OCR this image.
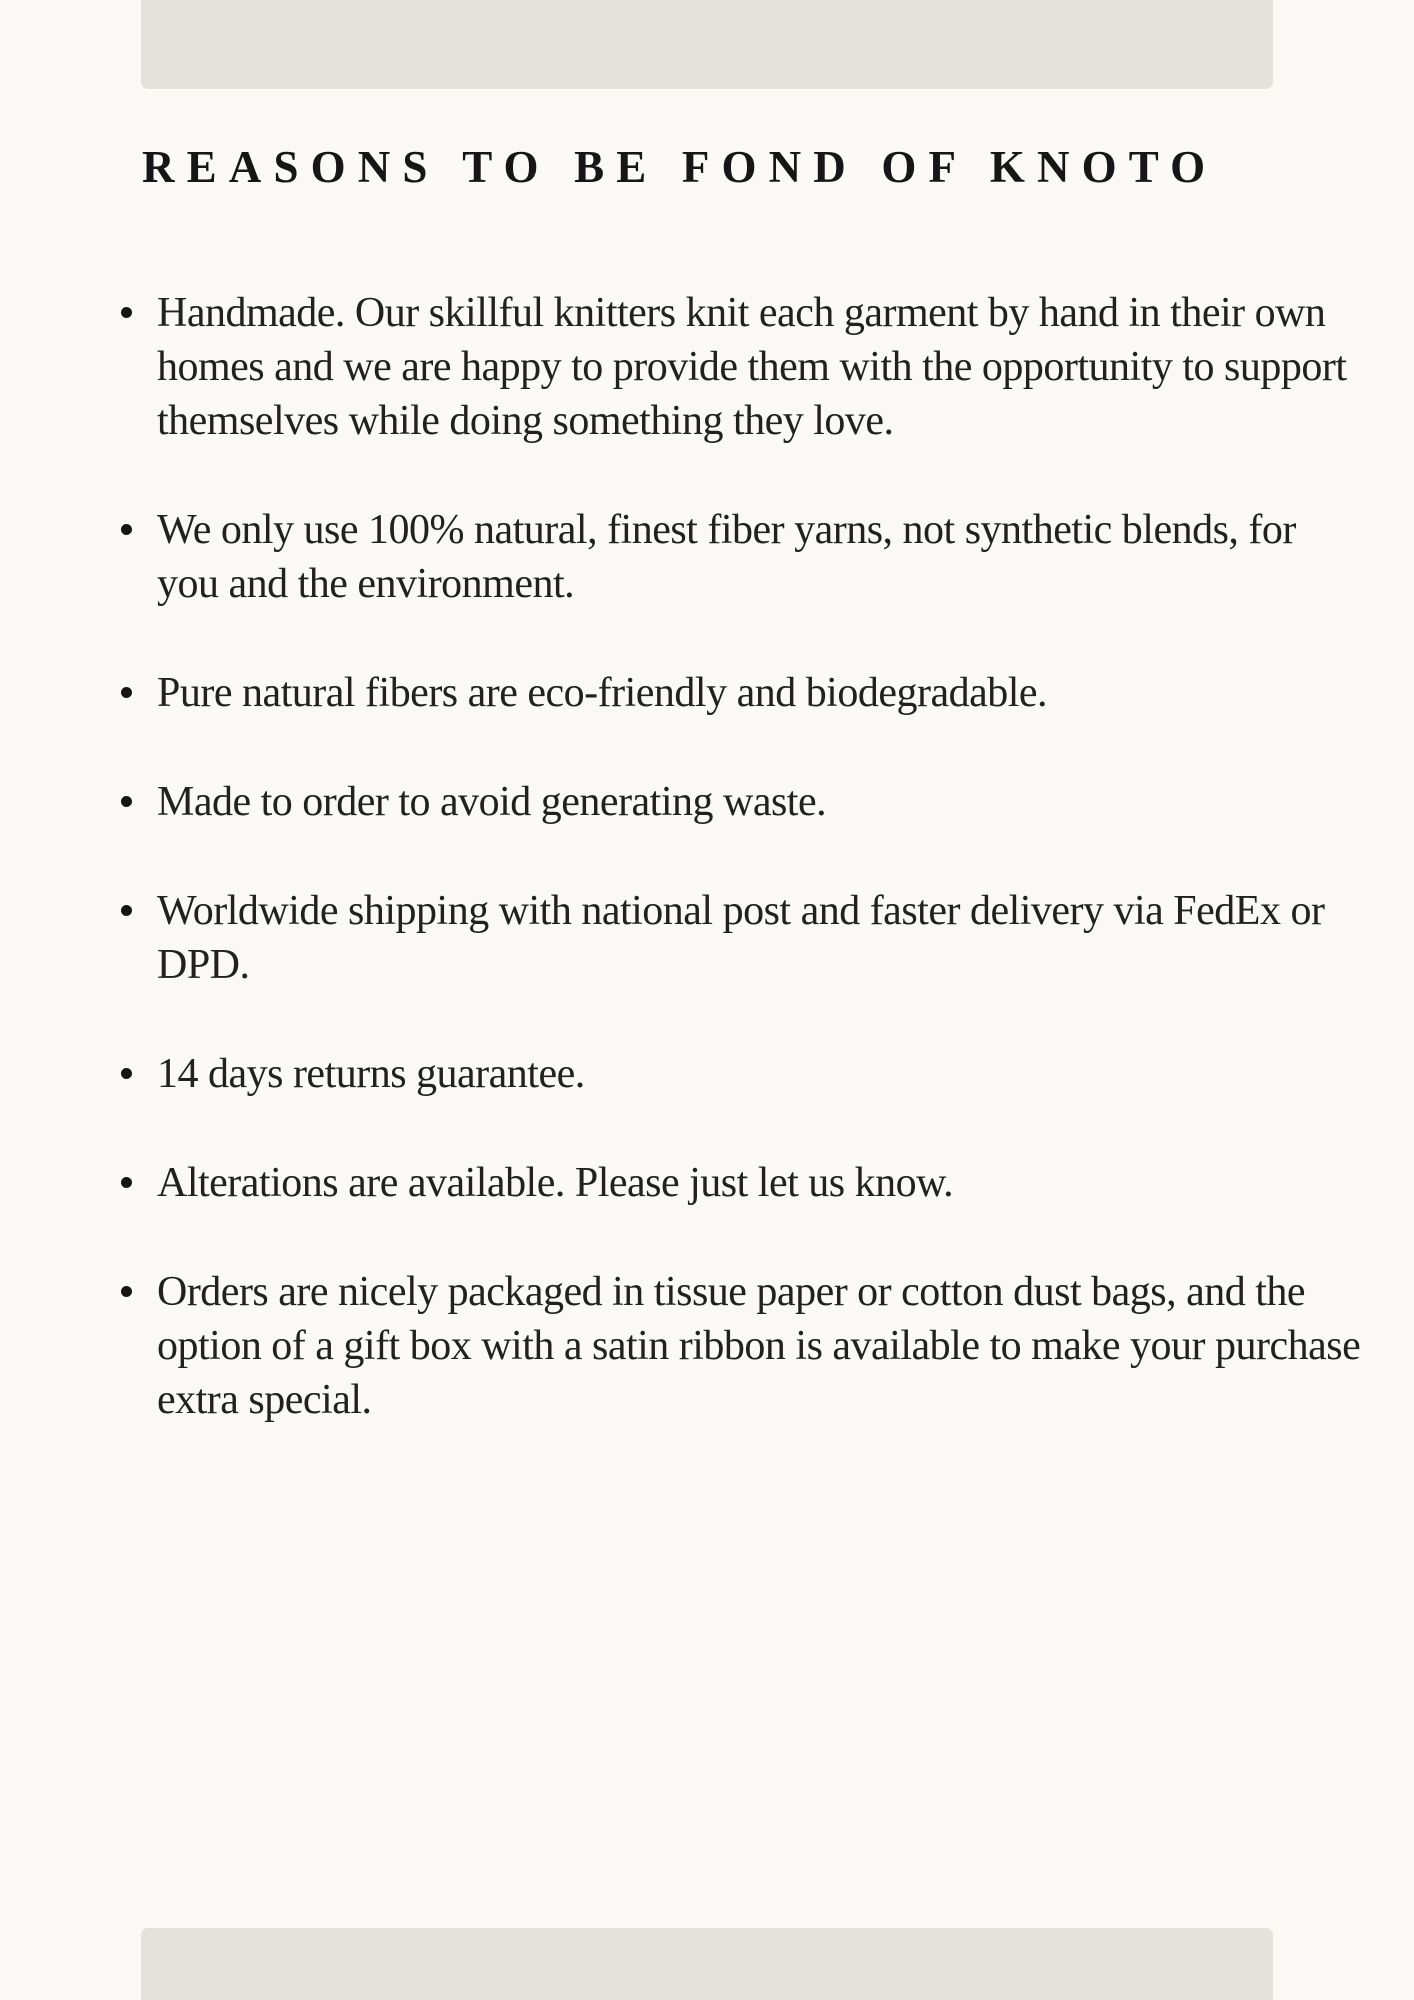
REASONS TO BE FOND OF KNOTO
Handmade. Our skillful knitters knit each garment by hand in their own homes and we are happy to provide them with the opportunity to support themselves while doing something they love.
We only use 100% natural, finest fiber yarns, not synthetic blends, for you and the environment.
Pure natural fibers are eco-friendly and biodegradable.
Made to order to avoid generating waste.
Worldwide shipping with national post and faster delivery via FedEx or DPD.
14 days returns guarantee.
Alterations are available. Please just let us know.
Orders are nicely packaged in tissue paper or cotton dust bags, and the option of a gift box with a satin ribbon is available to make your purchase extra special.
